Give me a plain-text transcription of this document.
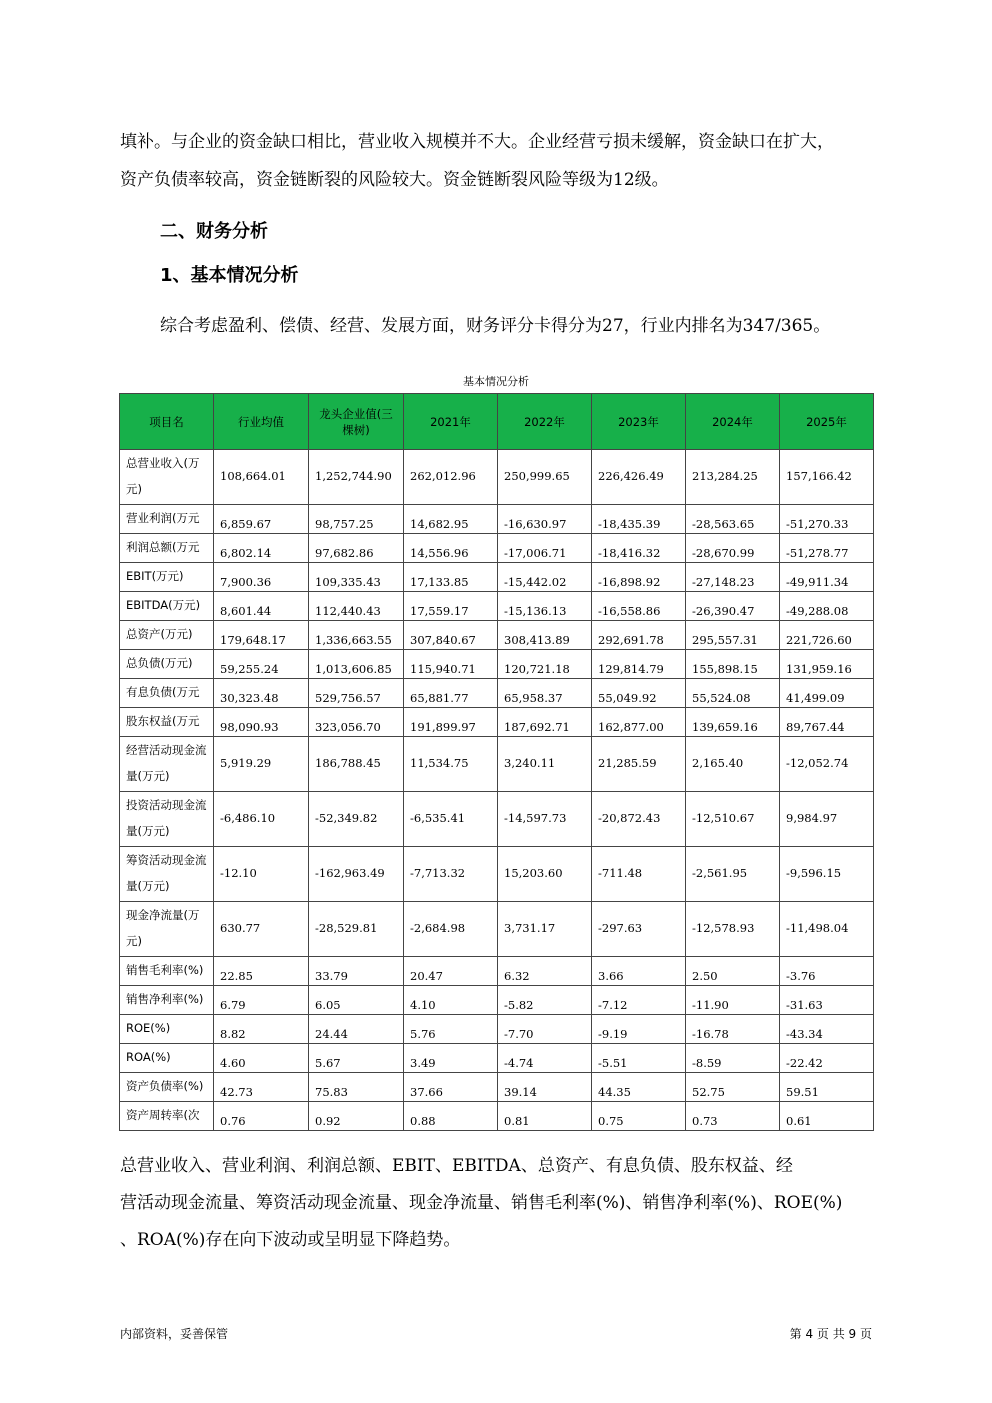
填补。与企业的资金缺口相比，营业收入规模并不大。企业经营亏损未缓解，资金缺口在扩大，
资产负债率较高，资金链断裂的风险较大。资金链断裂风险等级为12级。
二、财务分析
1、基本情况分析

综合考虑盈利、偿债、经营、发展方面，财务评分卡得分为27，行业内排名为347/365。

基本情况分析

项目名	行业均值	龙头企业值(三棵树)	2021年	2022年	2023年	2024年	2025年
总营业收入(万元)	108,664.01	1,252,744.90	262,012.96	250,999.65	226,426.49	213,284.25	157,166.42
营业利润(万元	6,859.67	98,757.25	14,682.95	-16,630.97	-18,435.39	-28,563.65	-51,270.33
利润总额(万元	6,802.14	97,682.86	14,556.96	-17,006.71	-18,416.32	-28,670.99	-51,278.77
EBIT(万元)	7,900.36	109,335.43	17,133.85	-15,442.02	-16,898.92	-27,148.23	-49,911.34
EBITDA(万元)	8,601.44	112,440.43	17,559.17	-15,136.13	-16,558.86	-26,390.47	-49,288.08
总资产(万元)	179,648.17	1,336,663.55	307,840.67	308,413.89	292,691.78	295,557.31	221,726.60
总负债(万元)	59,255.24	1,013,606.85	115,940.71	120,721.18	129,814.79	155,898.15	131,959.16
有息负债(万元	30,323.48	529,756.57	65,881.77	65,958.37	55,049.92	55,524.08	41,499.09
股东权益(万元	98,090.93	323,056.70	191,899.97	187,692.71	162,877.00	139,659.16	89,767.44
经营活动现金流量(万元)	5,919.29	186,788.45	11,534.75	3,240.11	21,285.59	2,165.40	-12,052.74
投资活动现金流量(万元)	-6,486.10	-52,349.82	-6,535.41	-14,597.73	-20,872.43	-12,510.67	9,984.97
筹资活动现金流量(万元)	-12.10	-162,963.49	-7,713.32	15,203.60	-711.48	-2,561.95	-9,596.15
现金净流量(万元)	630.77	-28,529.81	-2,684.98	3,731.17	-297.63	-12,578.93	-11,498.04
销售毛利率(%)	22.85	33.79	20.47	6.32	3.66	2.50	-3.76
销售净利率(%)	6.79	6.05	4.10	-5.82	-7.12	-11.90	-31.63
ROE(%)	8.82	24.44	5.76	-7.70	-9.19	-16.78	-43.34
ROA(%)	4.60	5.67	3.49	-4.74	-5.51	-8.59	-22.42
资产负债率(%)	42.73	75.83	37.66	39.14	44.35	52.75	59.51
资产周转率(次	0.76	0.92	0.88	0.81	0.75	0.73	0.61
总营业收入、营业利润、利润总额、EBIT、EBITDA、总资产、有息负债、股东权益、经
营活动现金流量、筹资活动现金流量、现金净流量、销售毛利率(%)、销售净利率(%)、ROE(%)
、ROA(%)存在向下波动或呈明显下降趋势。

内部资料，妥善保管	第 4 页 共 9 页
